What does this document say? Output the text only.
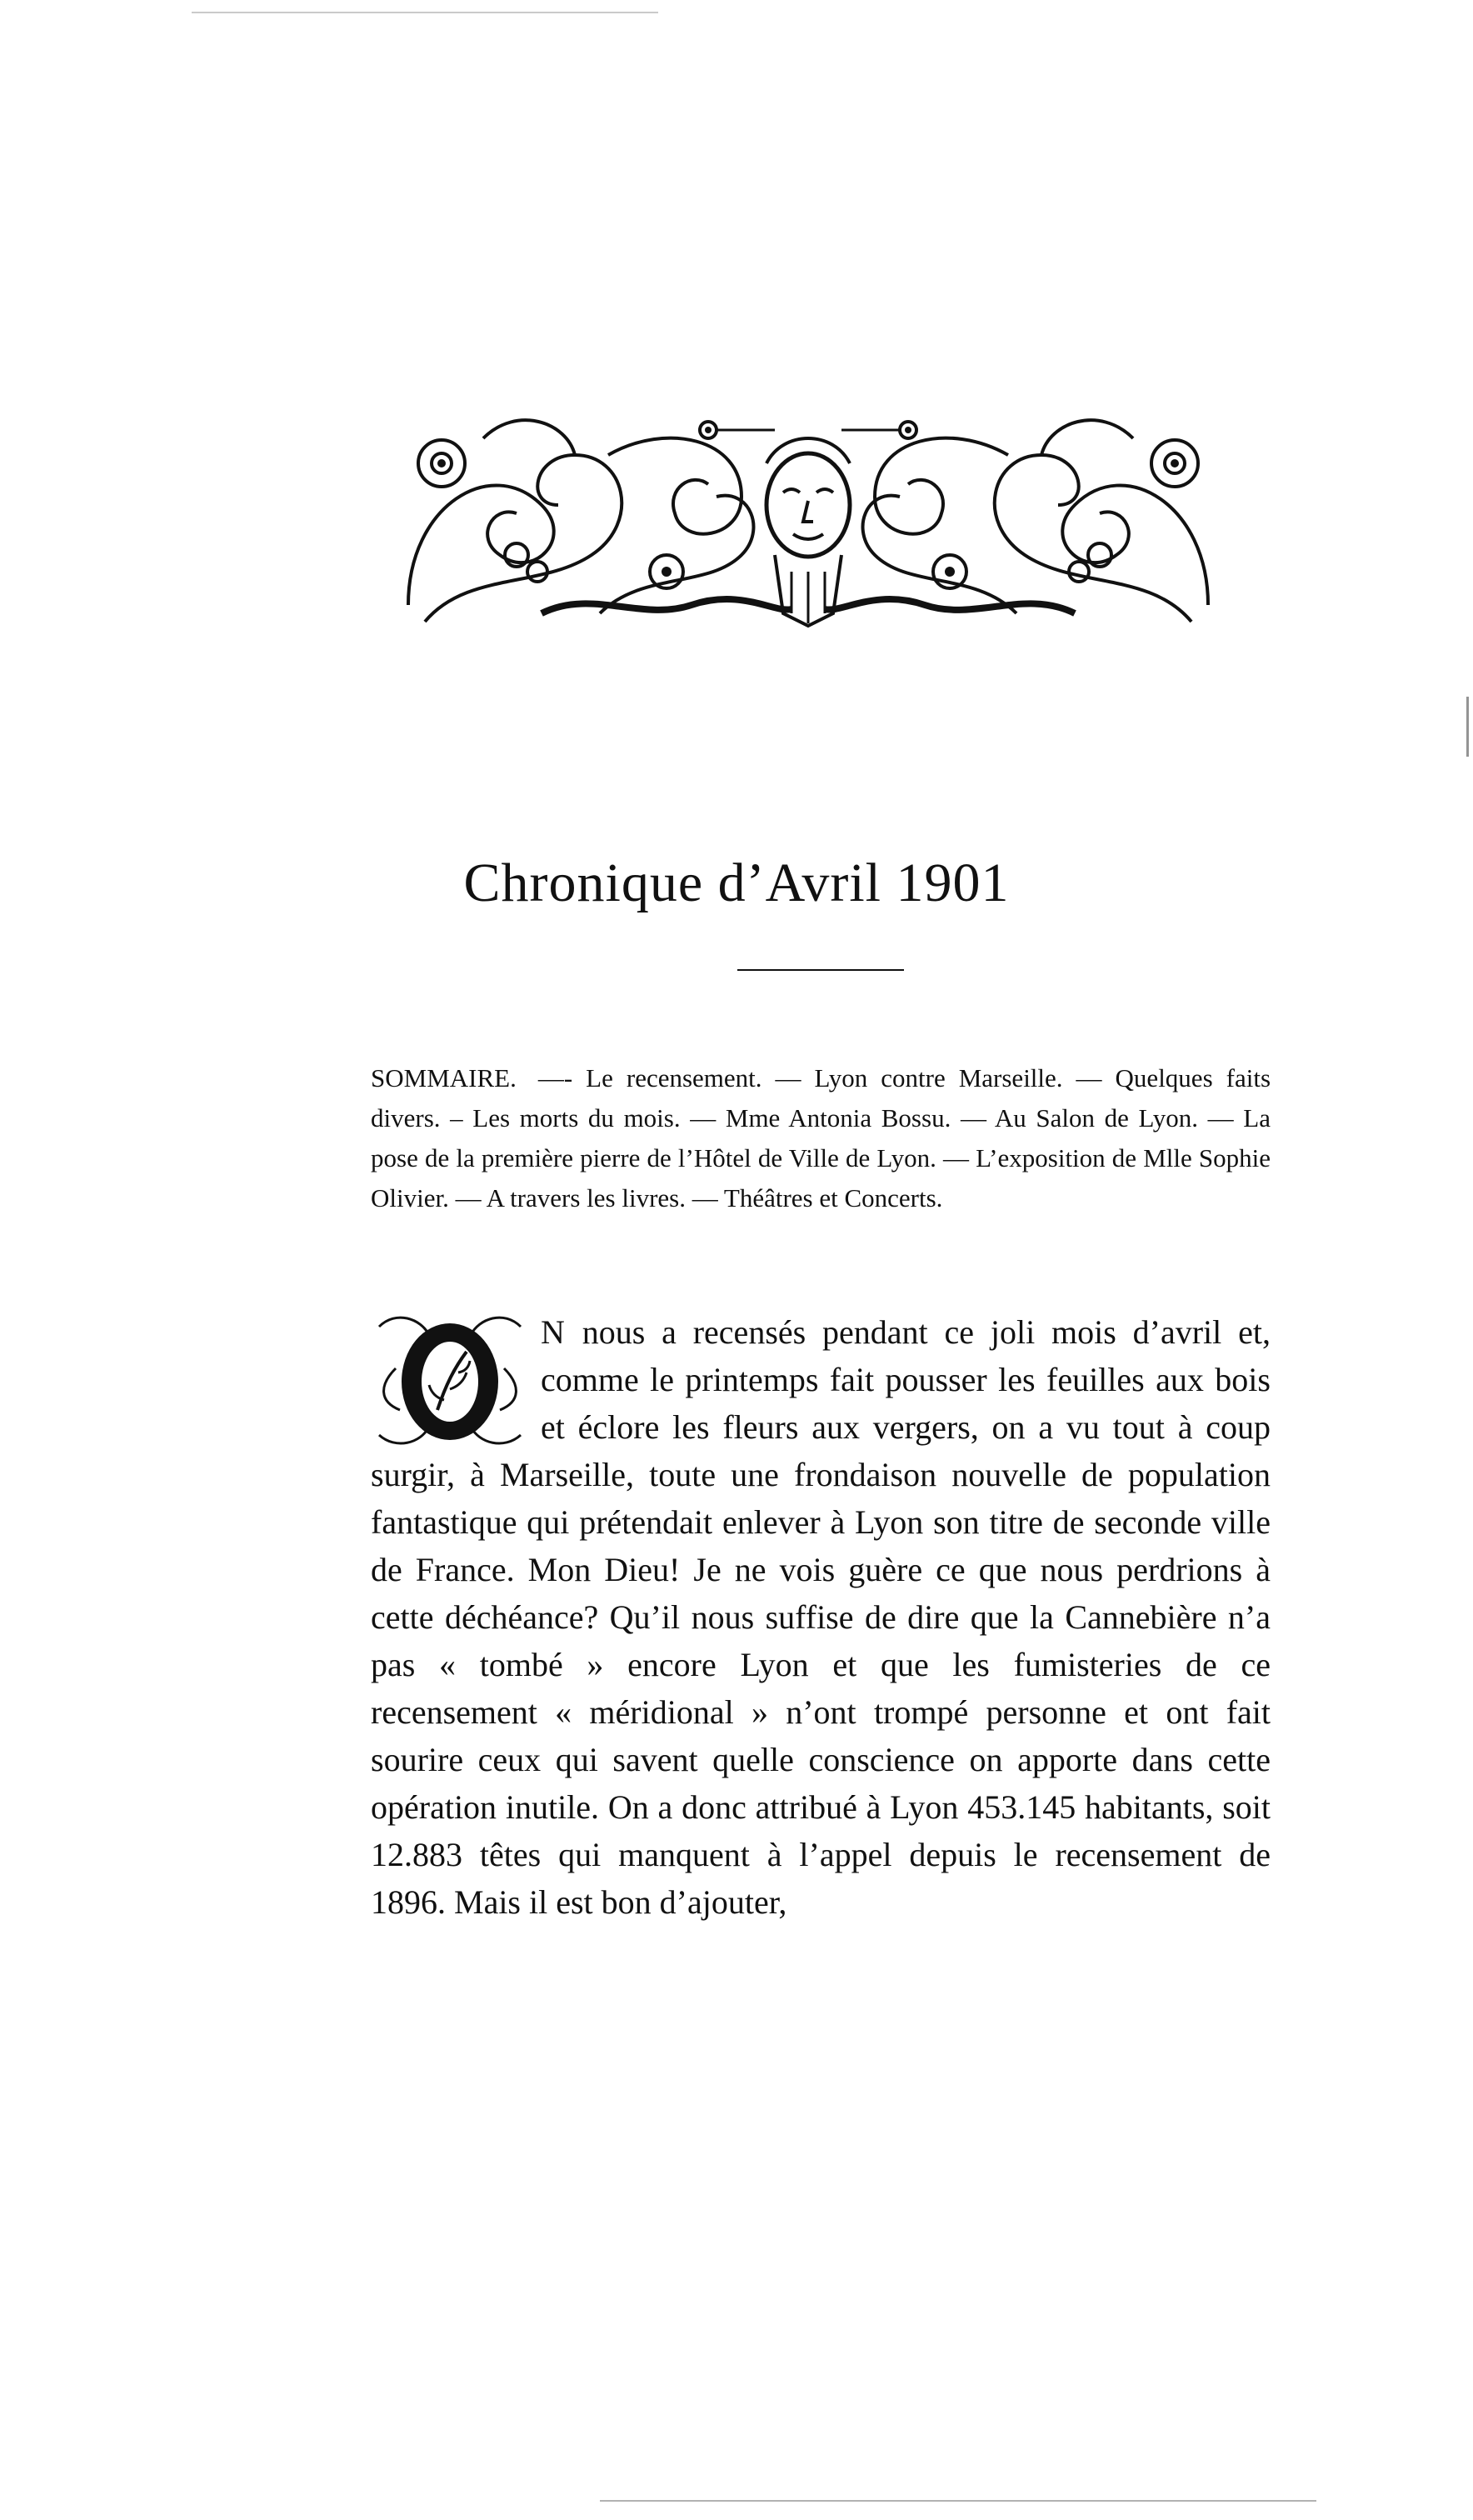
Chronique d’Avril 1901
SOMMAIRE. —- Le recensement. — Lyon contre Marseille. — Quelques faits divers. – Les morts du mois. — Mme Antonia Bossu. — Au Salon de Lyon. — La pose de la première pierre de l’Hôtel de Ville de Lyon. — L’exposition de Mlle Sophie Olivier. — A travers les livres. — Théâtres et Concerts.
N nous a recensés pendant ce joli mois d’avril et, comme le printemps fait pousser les feuilles aux bois et éclore les fleurs aux vergers, on a vu tout à coup surgir, à Marseille, toute une frondaison nouvelle de population fantastique qui prétendait enlever à Lyon son titre de seconde ville de France. Mon Dieu! Je ne vois guère ce que nous perdrions à cette déchéance? Qu’il nous suffise de dire que la Cannebière n’a pas « tombé » encore Lyon et que les fumisteries de ce recensement « méridional » n’ont trompé personne et ont fait sourire ceux qui savent quelle conscience on apporte dans cette opération inutile. On a donc attribué à Lyon 453.145 habitants, soit 12.883 têtes qui manquent à l’appel depuis le recensement de 1896. Mais il est bon d’ajouter,
